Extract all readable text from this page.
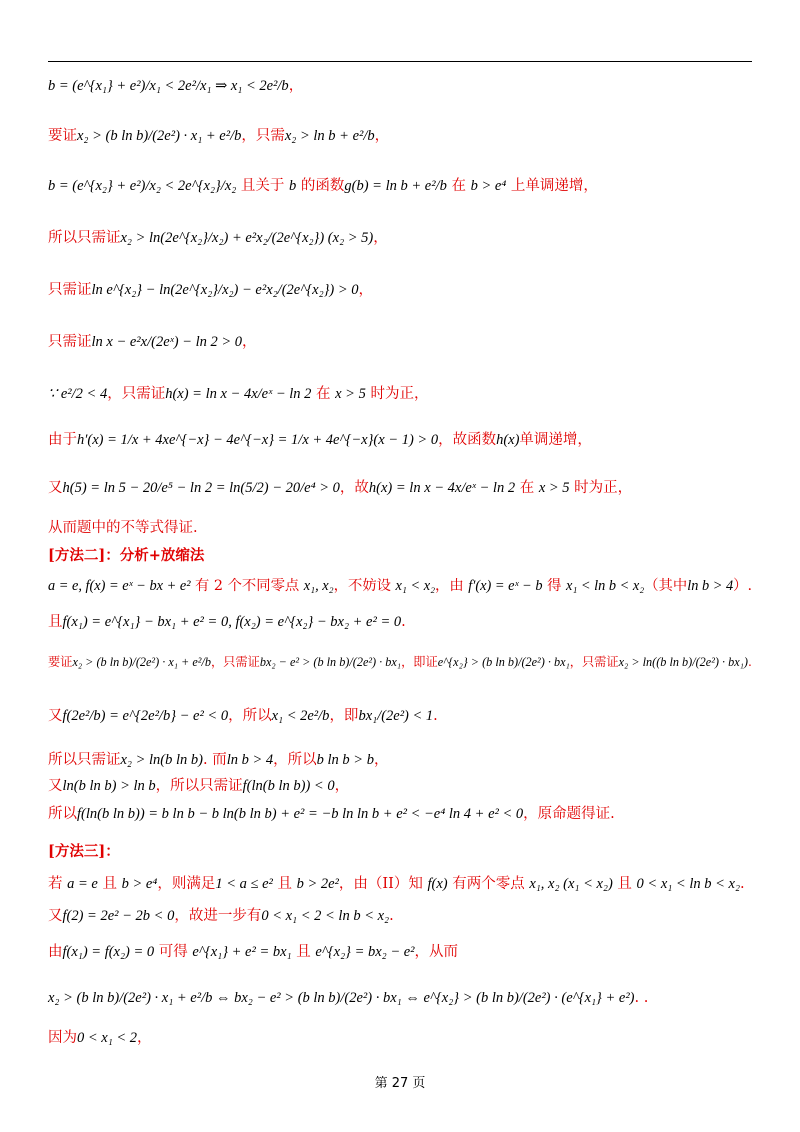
b = (e^{x₁} + e²)/x₁ < 2e²/x₁ ⇒ x₁ < 2e²/b，
要证x₂ > (b ln b)/(2e²) · x₁ + e²/b，只需x₂ > ln b + e²/b，
b = (e^{x₂} + e²)/x₂ < 2e^{x₂}/x₂ 且关于 b 的函数g(b) = ln b + e²/b 在 b > e⁴ 上单调递增，
所以只需证x₂ > ln(2e^{x₂}/x₂) + e²x₂/(2e^{x₂}) (x₂ > 5)，
只需证ln e^{x₂} − ln(2e^{x₂}/x₂) − e²x₂/(2e^{x₂}) > 0，
只需证ln x − e²x/(2eˣ) − ln 2 > 0，
∵ e²/2 < 4，只需证h(x) = ln x − 4x/eˣ − ln 2 在 x > 5 时为正，
由于h′(x) = 1/x + 4xe^{−x} − 4e^{−x} = 1/x + 4e^{−x}(x − 1) > 0，故函数h(x)单调递增，
又h(5) = ln 5 − 20/e⁵ − ln 2 = ln(5/2) − 20/e⁴ > 0，故h(x) = ln x − 4x/eˣ − ln 2 在 x > 5 时为正，
从而题中的不等式得证.
[方法二]：分析+放缩法
a = e, f(x) = eˣ − bx + e² 有 2 个不同零点 x₁, x₂，不妨设 x₁ < x₂，由 f′(x) = eˣ − b 得 x₁ < ln b < x₂（其中ln b > 4）.
且f(x₁) = e^{x₁} − bx₁ + e² = 0, f(x₂) = e^{x₂} − bx₂ + e² = 0.
要证x₂ > (b ln b)/(2e²) · x₁ + e²/b，只需证bx₂ − e² > (b ln b)/(2e²) · bx₁，即证e^{x₂} > (b ln b)/(2e²) · bx₁，只需证x₂ > ln((b ln b)/(2e²) · bx₁).
又f(2e²/b) = e^{2e²/b} − e² < 0，所以x₁ < 2e²/b，即bx₁/(2e²) < 1.
所以只需证x₂ > ln(b ln b). 而ln b > 4，所以b ln b > b，
又ln(b ln b) > ln b，所以只需证f(ln(b ln b)) < 0，
所以f(ln(b ln b)) = b ln b − b ln(b ln b) + e² = −b ln ln b + e² < −e⁴ ln 4 + e² < 0，原命题得证.
[方法三]：
若 a = e 且 b > e⁴，则满足1 < a ≤ e² 且 b > 2e²，由（II）知 f(x) 有两个零点 x₁, x₂ (x₁ < x₂) 且 0 < x₁ < ln b < x₂.
又f(2) = 2e² − 2b < 0，故进一步有0 < x₁ < 2 < ln b < x₂.
由f(x₁) = f(x₂) = 0 可得 e^{x₁} + e² = bx₁ 且 e^{x₂} = bx₂ − e²，从而
x₂ > (b ln b)/(2e²) · x₁ + e²/b ⇔ bx₂ − e² > (b ln b)/(2e²) · bx₁ ⇔ e^{x₂} > (b ln b)/(2e²) · (e^{x₁} + e²). .
因为0 < x₁ < 2，
第 27 页
